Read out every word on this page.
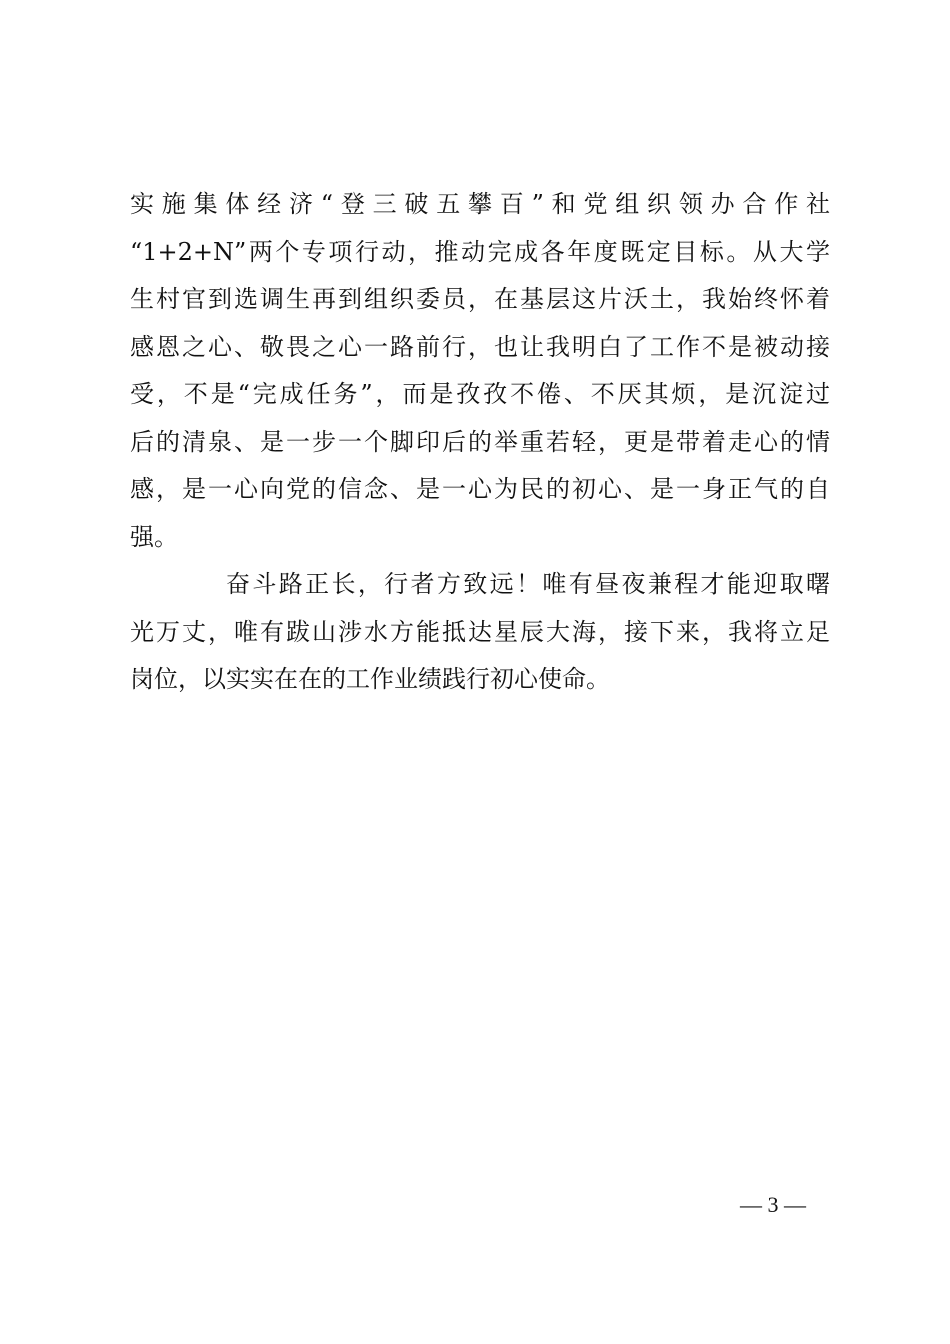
实施集体经济“登三破五攀百”和党组织领办合作社
“1+2+N”两个专项行动，推动完成各年度既定目标。从大学
生村官到选调生再到组织委员，在基层这片沃土，我始终怀着
感恩之心、敬畏之心一路前行，也让我明白了工作不是被动接
受，不是“完成任务”，而是孜孜不倦、不厌其烦，是沉淀过
后的清泉、是一步一个脚印后的举重若轻，更是带着走心的情
感，是一心向党的信念、是一心为民的初心、是一身正气的自
强。
奋斗路正长，行者方致远！唯有昼夜兼程才能迎取曙
光万丈，唯有跋山涉水方能抵达星辰大海，接下来，我将立足
岗位，以实实在在的工作业绩践行初心使命。
— 3 —
